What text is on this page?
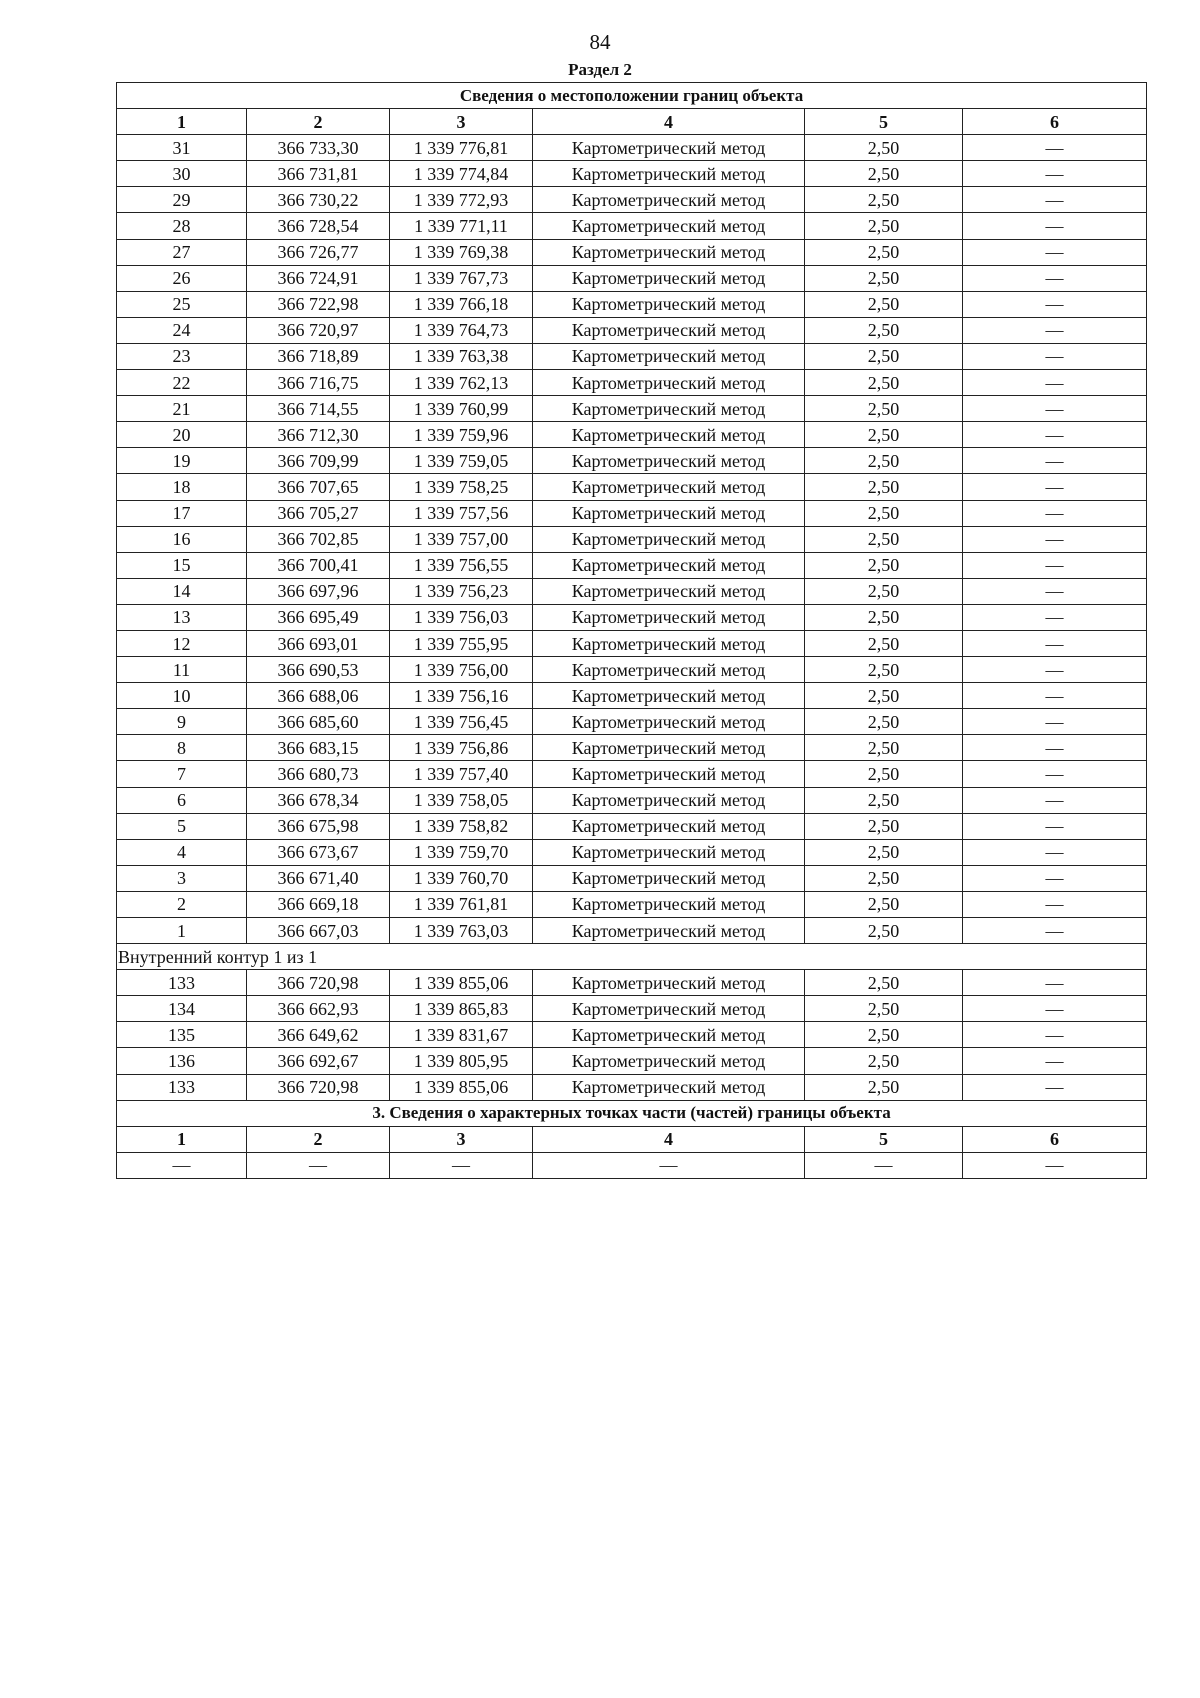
84
Раздел 2
Сведения о местоположении границ объекта					
1	2	3	4	5	6
31	366 733,30	1 339 776,81	Картометрический метод	2,50	—
30	366 731,81	1 339 774,84	Картометрический метод	2,50	—
29	366 730,22	1 339 772,93	Картометрический метод	2,50	—
28	366 728,54	1 339 771,11	Картометрический метод	2,50	—
27	366 726,77	1 339 769,38	Картометрический метод	2,50	—
26	366 724,91	1 339 767,73	Картометрический метод	2,50	—
25	366 722,98	1 339 766,18	Картометрический метод	2,50	—
24	366 720,97	1 339 764,73	Картометрический метод	2,50	—
23	366 718,89	1 339 763,38	Картометрический метод	2,50	—
22	366 716,75	1 339 762,13	Картометрический метод	2,50	—
21	366 714,55	1 339 760,99	Картометрический метод	2,50	—
20	366 712,30	1 339 759,96	Картометрический метод	2,50	—
19	366 709,99	1 339 759,05	Картометрический метод	2,50	—
18	366 707,65	1 339 758,25	Картометрический метод	2,50	—
17	366 705,27	1 339 757,56	Картометрический метод	2,50	—
16	366 702,85	1 339 757,00	Картометрический метод	2,50	—
15	366 700,41	1 339 756,55	Картометрический метод	2,50	—
14	366 697,96	1 339 756,23	Картометрический метод	2,50	—
13	366 695,49	1 339 756,03	Картометрический метод	2,50	—
12	366 693,01	1 339 755,95	Картометрический метод	2,50	—
11	366 690,53	1 339 756,00	Картометрический метод	2,50	—
10	366 688,06	1 339 756,16	Картометрический метод	2,50	—
9	366 685,60	1 339 756,45	Картометрический метод	2,50	—
8	366 683,15	1 339 756,86	Картометрический метод	2,50	—
7	366 680,73	1 339 757,40	Картометрический метод	2,50	—
6	366 678,34	1 339 758,05	Картометрический метод	2,50	—
5	366 675,98	1 339 758,82	Картометрический метод	2,50	—
4	366 673,67	1 339 759,70	Картометрический метод	2,50	—
3	366 671,40	1 339 760,70	Картометрический метод	2,50	—
2	366 669,18	1 339 761,81	Картометрический метод	2,50	—
1	366 667,03	1 339 763,03	Картометрический метод	2,50	—
Внутренний контур 1 из 1					
133	366 720,98	1 339 855,06	Картометрический метод	2,50	—
134	366 662,93	1 339 865,83	Картометрический метод	2,50	—
135	366 649,62	1 339 831,67	Картометрический метод	2,50	—
136	366 692,67	1 339 805,95	Картометрический метод	2,50	—
133	366 720,98	1 339 855,06	Картометрический метод	2,50	—
3. Сведения о характерных точках части (частей) границы объекта					
1	2	3	4	5	6
—	—	—	—	—	—
